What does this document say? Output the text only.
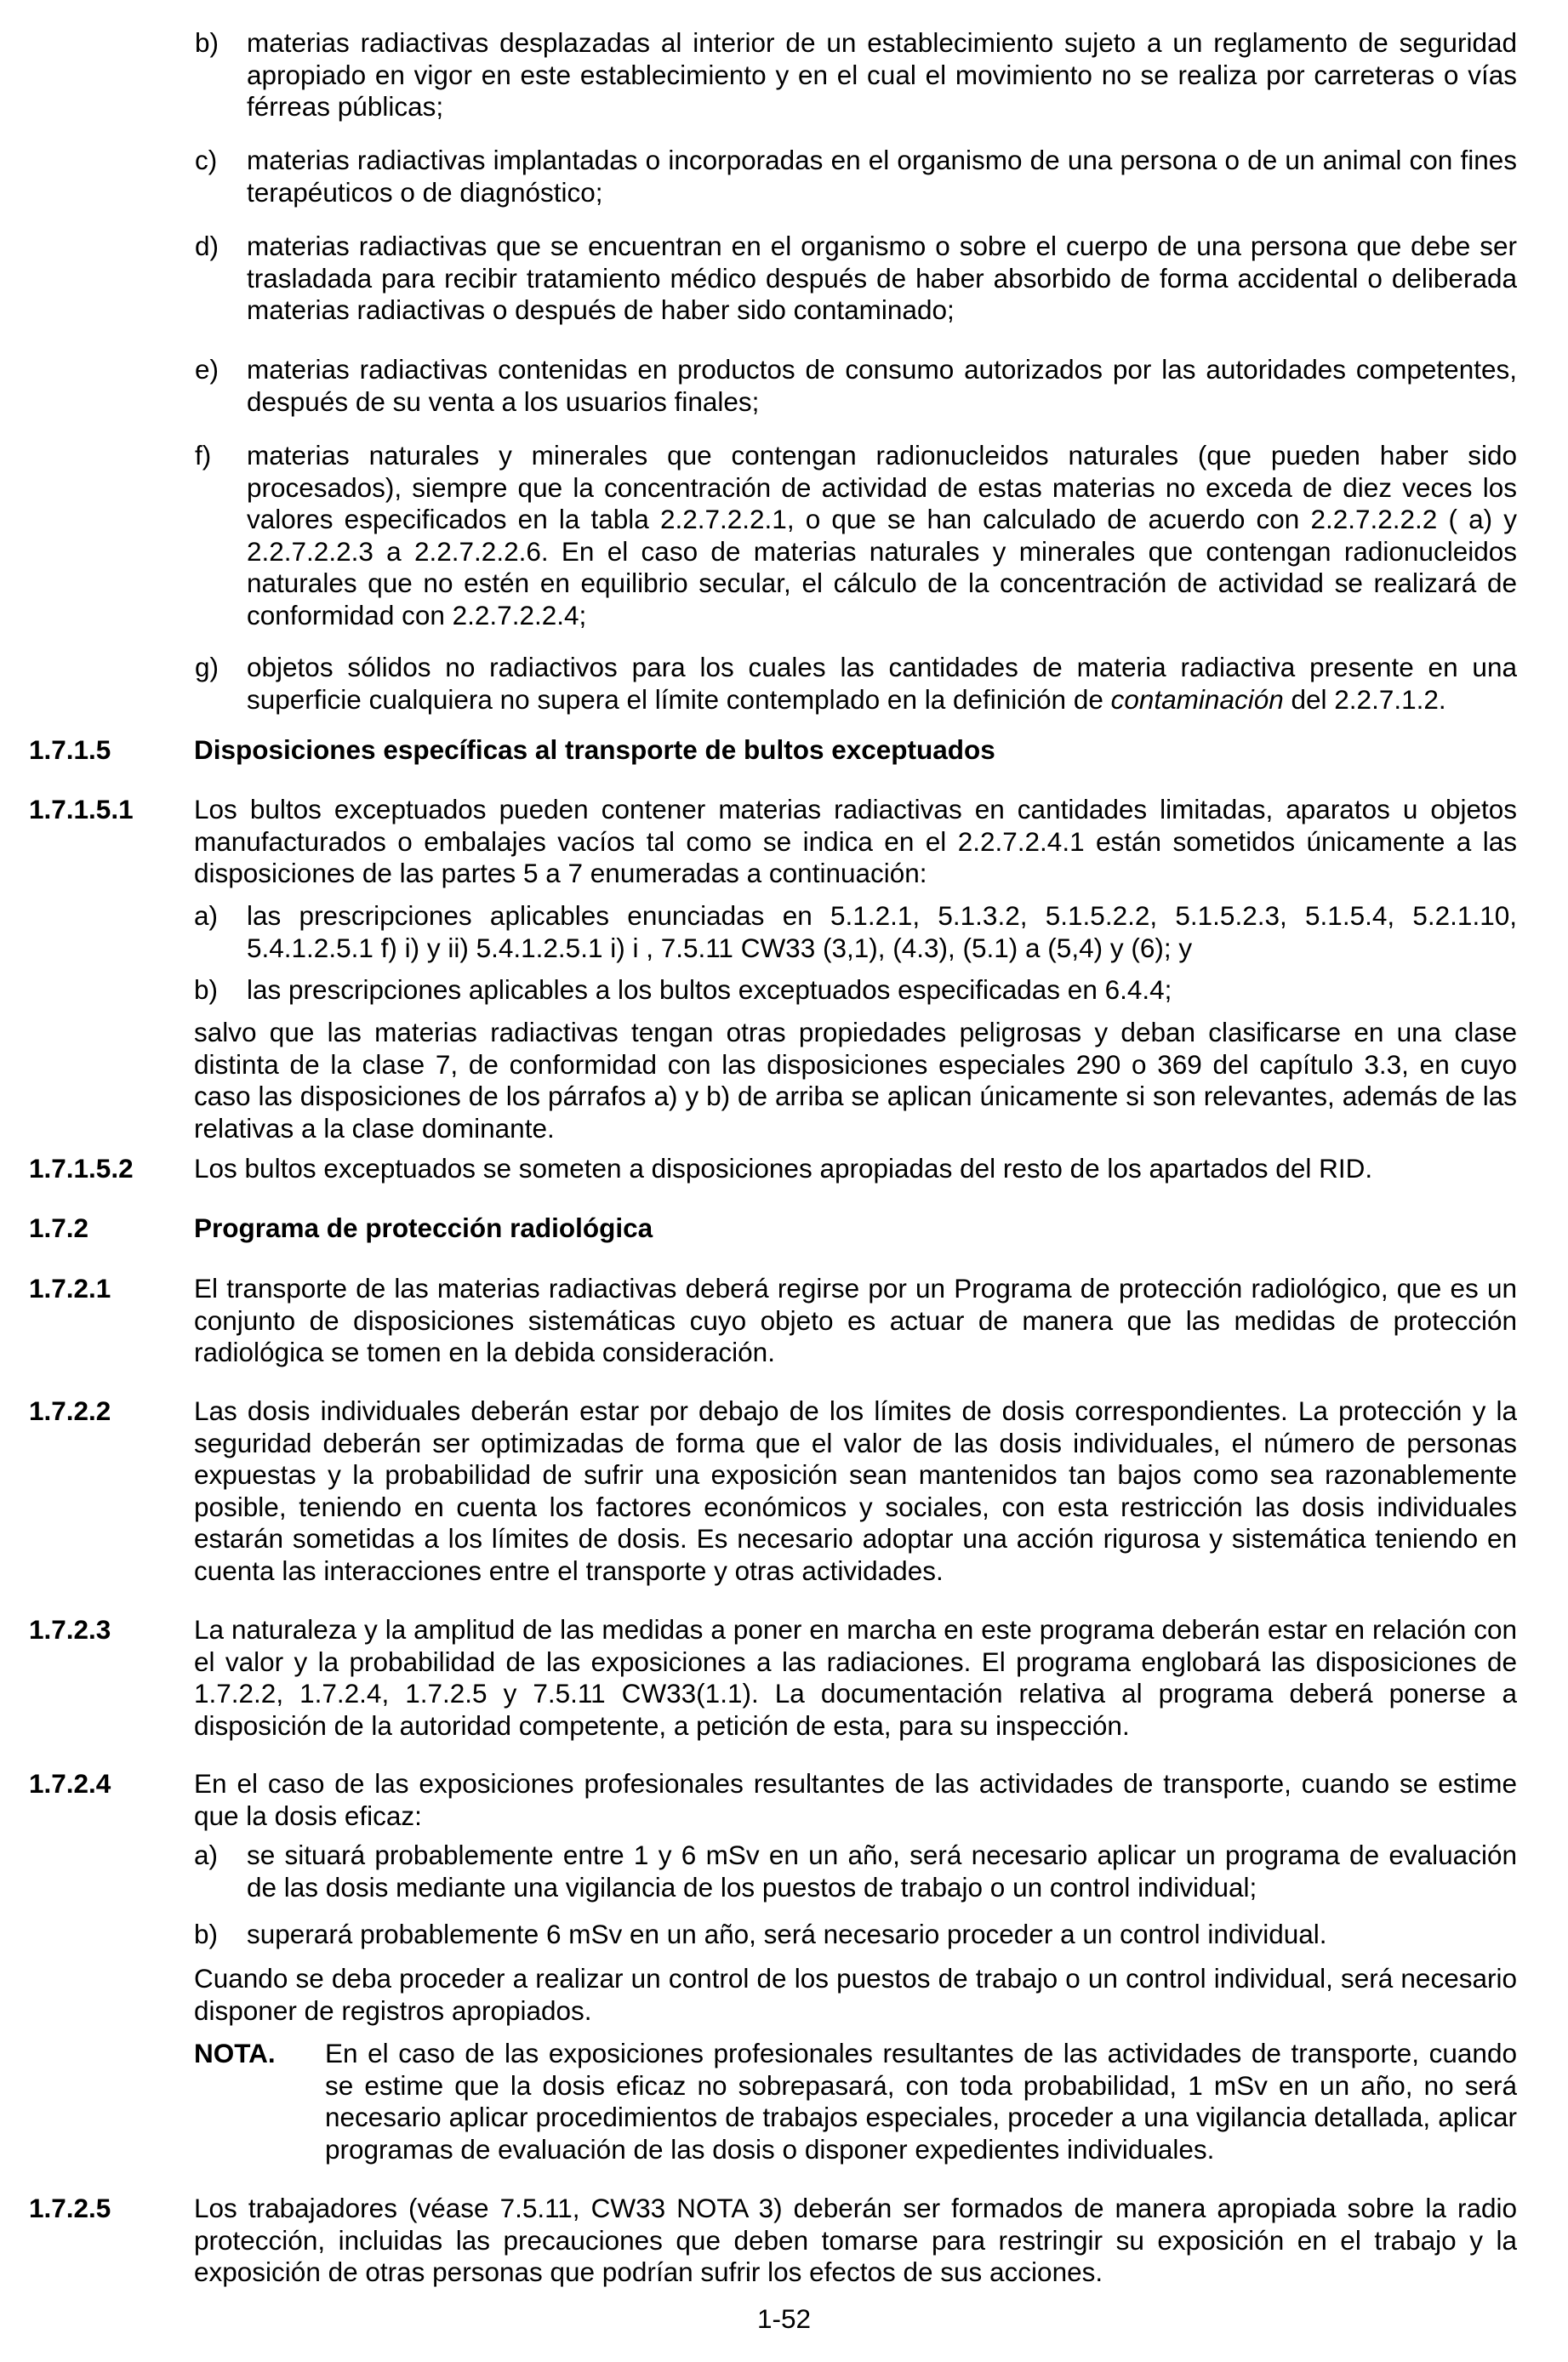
b) materias radiactivas desplazadas al interior de un establecimiento sujeto a un reglamento de seguridad apropiado en vigor en este establecimiento y en el cual el movimiento no se realiza por carreteras o vías férreas públicas;

c) materias radiactivas implantadas o incorporadas en el organismo de una persona o de un animal con fines terapéuticos o de diagnóstico;

d) materias radiactivas que se encuentran en el organismo o sobre el cuerpo de una persona que debe ser trasladada para recibir tratamiento médico después de haber absorbido de forma accidental o deliberada materias radiactivas o después de haber sido contaminado;

e) materias radiactivas contenidas en productos de consumo autorizados por las autoridades competentes, después de su venta a los usuarios finales;

f) materias naturales y minerales que contengan radionucleidos naturales (que pueden haber sido procesados), siempre que la concentración de actividad de estas materias no exceda de diez veces los valores especificados en la tabla 2.2.7.2.2.1, o que se han calculado de acuerdo con 2.2.7.2.2.2 ( a) y 2.2.7.2.2.3 a 2.2.7.2.2.6. En el caso de materias naturales y minerales que contengan radionucleidos naturales que no estén en equilibrio secular, el cálculo de la concentración de actividad se realizará de conformidad con 2.2.7.2.2.4;

g) objetos sólidos no radiactivos para los cuales las cantidades de materia radiactiva presente en una superficie cualquiera no supera el límite contemplado en la definición de contaminación del 2.2.7.1.2.

1.7.1.5	Disposiciones específicas al transporte de bultos exceptuados

1.7.1.5.1 Los bultos exceptuados pueden contener materias radiactivas en cantidades limitadas, aparatos u objetos manufacturados o embalajes vacíos tal como se indica en el 2.2.7.2.4.1 están sometidos únicamente a las disposiciones de las partes 5 a 7 enumeradas a continuación:

a) las prescripciones aplicables enunciadas en 5.1.2.1, 5.1.3.2, 5.1.5.2.2, 5.1.5.2.3, 5.1.5.4, 5.2.1.10, 5.4.1.2.5.1 f) i) y ii) 5.4.1.2.5.1 i) i , 7.5.11 CW33 (3,1), (4.3), (5.1) a (5,4) y (6); y

b) las prescripciones aplicables a los bultos exceptuados especificadas en 6.4.4;

salvo que las materias radiactivas tengan otras propiedades peligrosas y deban clasificarse en una clase distinta de la clase 7, de conformidad con las disposiciones especiales 290 o 369 del capítulo 3.3, en cuyo caso las disposiciones de los párrafos a) y b) de arriba se aplican únicamente si son relevantes, además de las relativas a la clase dominante.

1.7.1.5.2 Los bultos exceptuados se someten a disposiciones apropiadas del resto de los apartados del RID.

1.7.2	Programa de protección radiológica

1.7.2.1	El transporte de las materias radiactivas deberá regirse por un Programa de protección radiológico, que es un conjunto de disposiciones sistemáticas cuyo objeto es actuar de manera que las medidas de protección radiológica se tomen en la debida consideración.

1.7.2.2	Las dosis individuales deberán estar por debajo de los límites de dosis correspondientes. La protección y la seguridad deberán ser optimizadas de forma que el valor de las dosis individuales, el número de personas expuestas y la probabilidad de sufrir una exposición sean mantenidos tan bajos como sea razonablemente posible, teniendo en cuenta los factores económicos y sociales, con esta restricción las dosis individuales estarán sometidas a los límites de dosis. Es necesario adoptar una acción rigurosa y sistemática teniendo en cuenta las interacciones entre el transporte y otras actividades.

1.7.2.3	La naturaleza y la amplitud de las medidas a poner en marcha en este programa deberán estar en relación con el valor y la probabilidad de las exposiciones a las radiaciones. El programa englobará las disposiciones de 1.7.2.2, 1.7.2.4, 1.7.2.5 y 7.5.11 CW33(1.1). La documentación relativa al programa deberá ponerse a disposición de la autoridad competente, a petición de esta, para su inspección.

1.7.2.4	En el caso de las exposiciones profesionales resultantes de las actividades de transporte, cuando se estime que la dosis eficaz:

a) se situará probablemente entre 1 y 6 mSv en un año, será necesario aplicar un programa de evaluación de las dosis mediante una vigilancia de los puestos de trabajo o un control individual;

b) superará probablemente 6 mSv en un año, será necesario proceder a un control individual.

Cuando se deba proceder a realizar un control de los puestos de trabajo o un control individual, será necesario disponer de registros apropiados.

NOTA. En el caso de las exposiciones profesionales resultantes de las actividades de transporte, cuando se estime que la dosis eficaz no sobrepasará, con toda probabilidad, 1 mSv en un año, no será necesario aplicar procedimientos de trabajos especiales, proceder a una vigilancia detallada, aplicar programas de evaluación de las dosis o disponer expedientes individuales.

1.7.2.5	Los trabajadores (véase 7.5.11, CW33 NOTA 3) deberán ser formados de manera apropiada sobre la radio protección, incluidas las precauciones que deben tomarse para restringir su exposición en el trabajo y la exposición de otras personas que podrían sufrir los efectos de sus acciones.

1-52
